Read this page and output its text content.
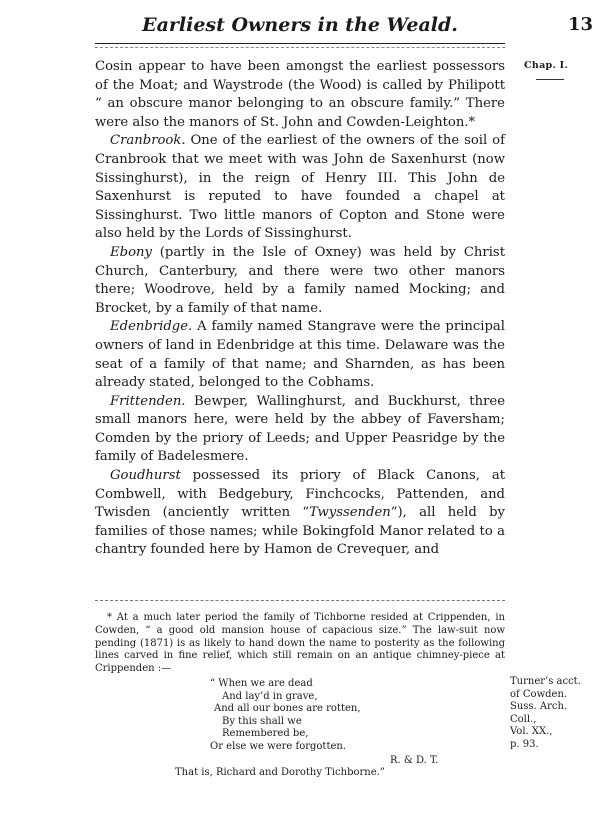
Earliest Owners in the Weald.	13
Chap. I.

Cosin appear to have been amongst the earliest possessors of the Moat; and Waystrode (the Wood) is called by Philipott “ an obscure manor belonging to an obscure family.” There were also the manors of St. John and Cowden-Leighton.*

Cranbrook. One of the earliest of the owners of the soil of Cranbrook that we meet with was John de Saxenhurst (now Sissinghurst), in the reign of Henry III. This John de Saxenhurst is reputed to have founded a chapel at Sissinghurst. Two little manors of Copton and Stone were also held by the Lords of Sissinghurst.

Ebony (partly in the Isle of Oxney) was held by Christ Church, Canterbury, and there were two other manors there; Woodrove, held by a family named Mocking; and Brocket, by a family of that name.

Edenbridge. A family named Stangrave were the principal owners of land in Edenbridge at this time. Delaware was the seat of a family of that name; and Sharnden, as has been already stated, belonged to the Cobhams.

Frittenden. Bewper, Wallinghurst, and Buckhurst, three small manors here, were held by the abbey of Faversham; Comden by the priory of Leeds; and Upper Peasridge by the family of Badelesmere.

Goudhurst possessed its priory of Black Canons, at Combwell, with Bedgebury, Finchcocks, Pattenden, and Twisden (anciently written “Twyssenden”), all held by families of those names; while Bokingfold Manor related to a chantry founded here by Hamon de Crevequer, and

* At a much later period the family of Tichborne resided at Crippenden, in Cowden, “ a good old mansion house of capacious size.” The law-suit now pending (1871) is as likely to hand down the name to posterity as the following lines carved in fine relief, which still remain on an antique chimney-piece at Crippenden :—

“ When we are dead
And lay’d in grave,
And all our bones are rotten,
By this shall we
Remembered be,
Or else we were forgotten.
R. & D. T.
That is, Richard and Dorothy Tichborne.”
Turner’s acct.
of Cowden.
Suss. Arch.
Coll.,
Vol. XX.,
p. 93.
